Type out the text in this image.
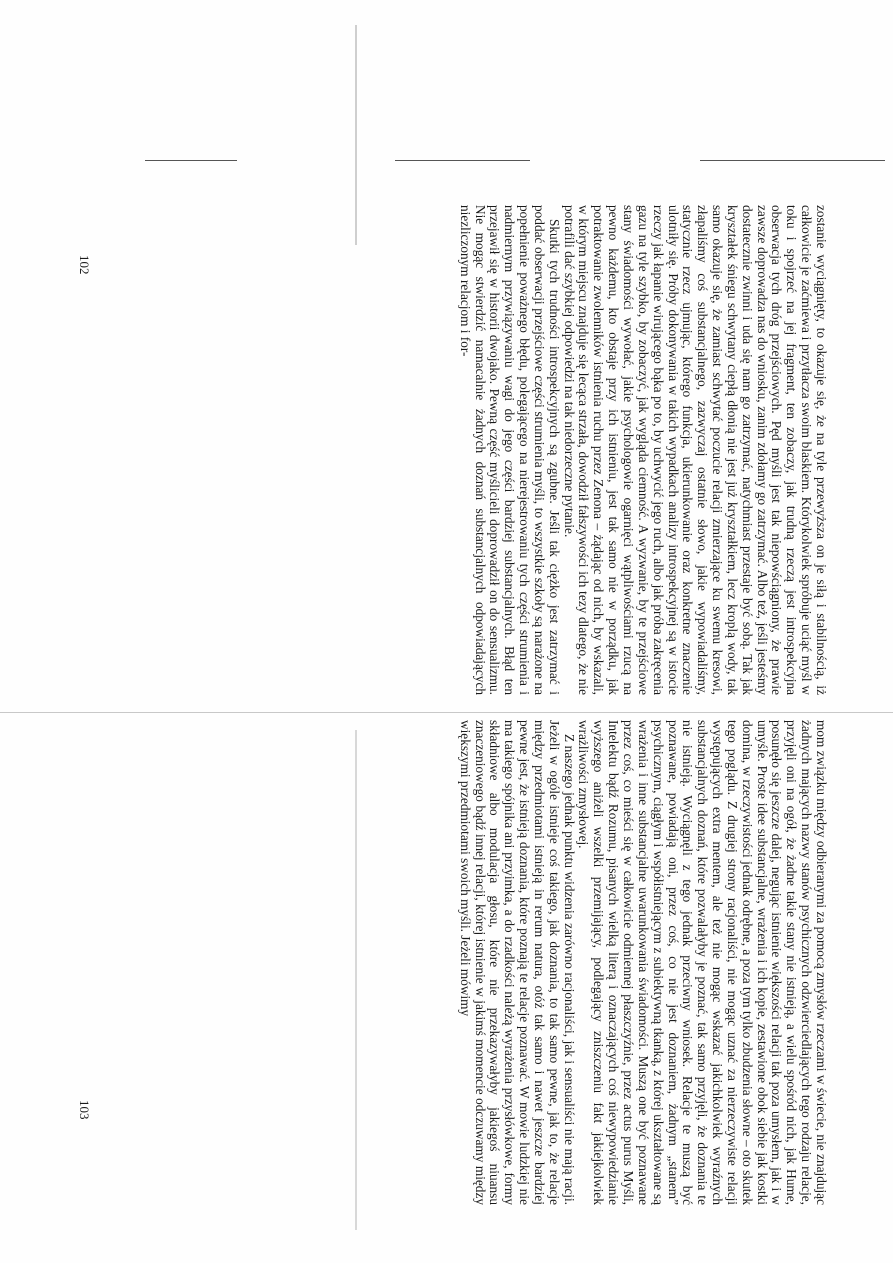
zostanie wyciągnięty, to okazuje się, że na tyle przewyższa on je siłą i stabilnością, iż całkowicie je zaćmiewa i przytłacza swoim blaskiem. Którykolwiek spróbuje uciąć myśl w toku i spojrzeć na jej fragment, ten zobaczy, jak trudną rzeczą jest introspekcyjna obserwacja tych dróg przejściowych. Pęd myśli jest tak niepowściągniony, że prawie zawsze doprowadza nas do wniosku, zanim zdołamy go zatrzymać. Albo też, jeśli jesteśmy dostatecznie zwinni i uda się nam go zatrzymać, natychmiast przestaje być sobą. Tak jak kryształek śniegu schwytany ciepłą dłonią nie jest już kryształkiem, lecz kroplą wody, tak samo okazuje się, że zamiast schwytać poczucie relacji zmierzające ku swemu kresowi, złapaliśmy coś substancjalnego, zazwyczaj ostatnie słowo, jakie wypowiadaliśmy, statycznie rzecz ujmując, którego funkcja, ukierunkowanie oraz konkretne znaczenie ulotniły się. Próby dokonywania w takich wypadkach analizy introspekcyjnej są w istocie rzeczy jak łapanie wirującego bąka po to, by uchwycić jego ruch, albo jak próba zakręcenia gazu na tyle szybko, by zobaczyć, jak wygląda ciemność. A wyzwanie, by te przejściowe stany świadomości wywołać, jakie psychologowie ogarnięci wątpliwościami rzucą na pewno każdemu, kto obstaje przy ich istnieniu, jest tak samo nie w porządku, jak potraktowanie zwolenników istnienia ruchu przez Zenona – żądając od nich, by wskazali, w którym miejscu znajduje się lecąca strzała, dowodził fałszywości ich tezy dlatego, że nie potrafili dać szybkiej odpowiedzi na tak niedorzeczne pytanie.

Skutki tych trudności introspekcyjnych są zgubne. Jeśli tak ciężko jest zatrzymać i poddać obserwacji przejściowe części strumienia myśli, to wszystkie szkoły są narażone na popełnienie poważnego błędu, polegającego na nierejestrowaniu tych części strumienia i nadmiernym przywiązywaniu wagi do jego części bardziej substancjalnych. Błąd ten przejawił się w historii dwojako. Pewną część myślicieli doprowadził on do sensualizmu. Nie mogąc stwierdzić namacalnie żadnych doznań substancjalnych odpowiadających niezliczonym relacjom i for-

102

mom związku między odbieranymi za pomocą zmysłów rzeczami w świecie, nie znajdując żadnych mających nazwy stanów psychicznych odzwierciedlających tego rodzaju relacje, przyjęli oni na ogół, że żadne takie stany nie istnieją, a wielu spośród nich, jak Hume, posunęło się jeszcze dalej, negując istnienie większości relacji tak poza umysłem, jak i w umyśle. Proste idee substancjalne, wrażenia i ich kopie, zestawione obok siebie jak kostki domina, w rzeczywistości jednak odrębne, a poza tym tylko zbudzenia słowne – oto skutek tego poglądu. Z drugiej strony racjonaliści, nie mogąc uznać za nierzeczywiste relacji występujących extra mentem, ale też nie mogąc wskazać jakichkolwiek wyraźnych substancjalnych doznań, które pozwalałyby je poznać, tak samo przyjęli, że doznania te nie istnieją. Wyciągnęli z tego jednak przeciwny wniosek. Relacje te muszą być poznawane, powiadają oni, przez coś, co nie jest doznaniem, żadnym „stanem” psychicznym, ciągłym i współistniejącym z subiektywną tkanką, z której ukształtowane są wrażenia i inne substancjalne uwarunkowania świadomości. Muszą one być poznawane przez coś, co mieści się w całkowicie odmiennej płaszczyźnie, przez actus purus Myśli, Intelektu bądź Rozumu, pisanych wielką literą i oznaczających coś niewypowiedzianie wyższego aniżeli wszelki przemijający, podlegający zniszczeniu fakt jakiejkolwiek wrażliwości zmysłowej.

Z naszego jednak punktu widzenia zarówno racjonaliści, jak i sensualiści nie mają racji. Jeżeli w ogóle istnieje coś takiego, jak doznania, to tak samo pewne, jak to, że relacje między przedmiotami istnieją in rerum natura, otóż tak samo i nawet jeszcze bardziej pewne jest, że istnieją doznania, które poznają te relacje poznawać. W mowie ludzkiej nie ma takiego spójnika ani przyimka, a do rzadkości należą wyrażenia przysłówkowe, formy składniowe albo modulacja głosu, które nie przekazywałyby jakiegoś niuansu znaczeniowego bądź innej relacji, której istnienie w jakimś momencie odczuwamy między większymi przedmiotami swoich myśli. Jeżeli mówimy

103
